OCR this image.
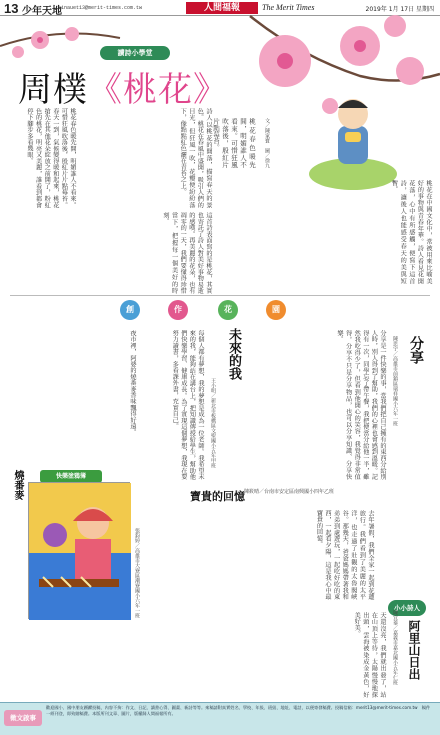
13 少年天地
sinauet13@merit-times.com.tw	人間福報	The Merit Times	2019年 1月 17日 星期四
讀詩小學堂
周樸《桃花》
桃花春色暖先開，明媚誰人不看來。可惜狂風吹落後，殷紅片片點莓苔。	文／陳家寶　圖／徐九
桃花春色暖先開，明媚誰人不看來。可惜狂風吹落後，殷紅片片點莓苔。春天一到，氣候變得暖和起來，桃花搶先在其他花朵綻放之前開了，粉紅色的桃花，明亮又美麗，誰看到都會停下腳步多看幾眼。	詩人以桃花的開落，描寫春天的景色。桃花在春風中盛開，吸引人們的目光，但狂風一吹，花瓣便紛紛落下，像點點紅色灑在青苔之上。
這首詩表面寫的是桃花，其實也寄託了詩人對美好事物易逝的感嘆。再美麗的花朵，也有凋零的一天，我們要懂得珍惜當下，把握每一個美好的時刻。	桃花在中國文化中，常被用來比喻美好的事物與青春年華。詩人看見花開花落，心中有所感觸，便寫下這首詩，讓後人也能感受春天的美與短暫。
創	作	花	園
分享
陳思宇／高雄市前鎮區瑞祥國小六年一班
分享是一件快樂的事，當我們把自己擁有的東西分給別人時，別人得到了幫助，我們的心裡也會感到溫暖。記得有一次，同學忘了帶午餐，我把便當分給他一半，雖然我吃得少了，但看到他開心的笑容，我覺得非常值得。分享不只是分享物品，也可以分享知識、分享快樂。
未來的我
王小明／新北市板橋區文聖國小五年甲班
每個人都有夢想，我的夢想是成為一位老師。我希望未來的我，能夠站在講台上，把知識傳授給學生，幫助他們快樂學習、健康成長。為了實現這個夢想，我現在要努力讀書，多看課外書，充實自己。
寶貴的回憶 陳筱晴／台南市安定區南興國小四年乙班
去年暑假，我們全家一起到花蓮旅行。我們看到了美麗的太平洋，也走過了壯觀的太魯閣峽谷。那幾天，爸爸媽媽帶著我和弟弟到處遊玩，一起吃好吃的東西，一起看夕陽，這是我心中最寶貴的回憶。
快樂塗鴉簿
燒番麥
夜市裡，阿婆的燒番麥香味飄得好遠。
張鈞婷／高雄市大寮區潮寮國小六年一班	小小詩人
阿里山日出
陳宜蓁／嘉義市嘉北國小五年仁班
天還沒亮，我們就出發了，站在山頂上等待，太陽慢慢地探出頭，雲海被染成金黃色，好美好美。
徵文啟事
歡迎國小、國中朋友踴躍投稿，內容不拘：作文、日記、讀書心得、圖畫、新詩等等。來稿請附真實姓名、學校、年級、班級、地址、電話，以便寄發稿費。投稿信箱：merit13@merit-times.com.tw　稿件一經刊登，即致贈稿費。本版所刊文章、圖片，版權歸人間福報所有。
